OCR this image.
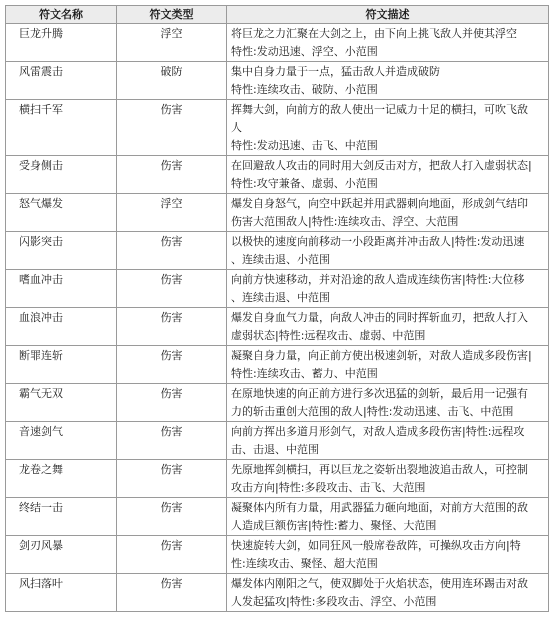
符文名称	符文类型	符文描述
巨龙升腾	浮空	将巨龙之力汇聚在大剑之上，由下向上挑飞敌人并使其浮空
特性:发动迅速、浮空、小范围

风雷震击	破防	集中自身力量于一点，猛击敌人并造成破防
特性:连续攻击、破防、小范围

横扫千军	伤害	挥舞大剑，向前方的敌人使出一记威力十足的横扫，可吹飞敌
人
特性:发动迅速、击飞、中范围

受身侧击	伤害	在回避敌人攻击的同时用大剑反击对方，把敌人打入虚弱状态|
特性:攻守兼备、虚弱、小范围

怒气爆发	浮空	爆发自身怒气，向空中跃起并用武器刺向地面，形成剑气结印
伤害大范围敌人|特性:连续攻击、浮空、大范围

闪影突击	伤害	以极快的速度向前移动一小段距离并冲击敌人|特性:发动迅速
、连续击退、小范围

嗜血冲击	伤害	向前方快速移动，并对沿途的敌人造成连续伤害|特性:大位移
、连续击退、中范围

血浪冲击	伤害	爆发自身血气力量，向敌人冲击的同时挥斩血刃，把敌人打入
虚弱状态|特性:远程攻击、虚弱、中范围

断罪连斩	伤害	凝聚自身力量，向正前方使出极速剑斩，对敌人造成多段伤害|
特性:连续攻击、蓄力、中范围

霸气无双	伤害	在原地快速的向正前方进行多次迅猛的剑斩，最后用一记强有
力的斩击重创大范围的敌人|特性:发动迅速、击飞、中范围

音速剑气	伤害	向前方挥出多道月形剑气，对敌人造成多段伤害|特性:远程攻
击、击退、中范围

龙卷之舞	伤害	先原地挥剑横扫，再以巨龙之姿斩出裂地波追击敌人，可控制
攻击方向|特性:多段攻击、击飞、大范围

终结一击	伤害	凝聚体内所有力量，用武器猛力砸向地面，对前方大范围的敌
人造成巨额伤害|特性:蓄力、聚怪、大范围

剑刃风暴	伤害	快速旋转大剑，如同狂风一般席卷敌阵，可操纵攻击方向|特
性:连续攻击、聚怪、超大范围

风扫落叶	伤害	爆发体内刚阳之气，使双脚处于火焰状态，使用连环踢击对敌
人发起猛攻|特性:多段攻击、浮空、小范围
